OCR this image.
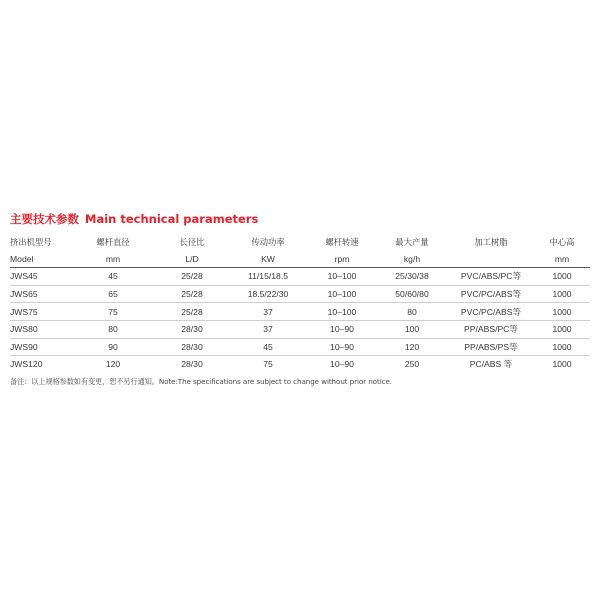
主要技术参数 Main technical parameters
挤出机型号	螺杆直径	长径比	传动功率	螺杆转速	最大产量	加工树脂	中心高
Model	mm	L/D	KW	rpm	kg/h		mm
JWS45	45	25/28	11/15/18.5	10–100	25/30/38	PVC/ABS/PC等	1000
JWS65	65	25/28	18.5/22/30	10–100	50/60/80	PVC/PC/ABS等	1000
JWS75	75	25/28	37	10–100	80	PVC/PC/ABS等	1000
JWS80	80	28/30	37	10–90	100	PP/ABS/PC等	1000
JWS90	90	28/30	45	10–90	120	PP/ABS/PS等	1000
JWS120	120	28/30	75	10–90	250	PC/ABS 等	1000
备注：以上规格参数如有变更，恕不另行通知。Note:The specifications are subject to change without prior notice.
